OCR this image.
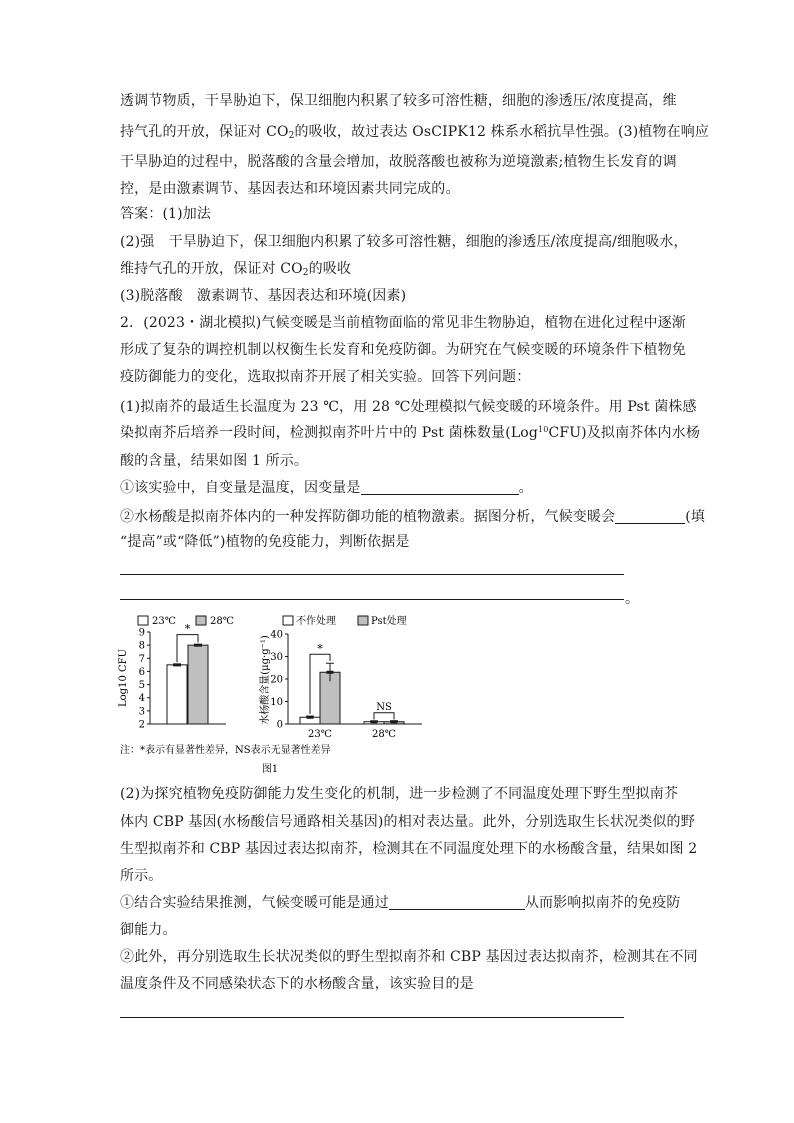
透调节物质，干旱胁迫下，保卫细胞内积累了较多可溶性糖，细胞的渗透压/浓度提高，维
持气孔的开放，保证对 $CO_2$的吸收，故过表达 OsCIPK12 株系水稻抗旱性强。(3)植物在响应
干旱胁迫的过程中，脱落酸的含量会增加，故脱落酸也被称为逆境激素;植物生长发育的调
控，是由激素调节、基因表达和环境因素共同完成的。
答案：(1)加法
(2)强　干旱胁迫下，保卫细胞内积累了较多可溶性糖，细胞的渗透压/浓度提高/细胞吸水，
维持气孔的开放，保证对 $CO_2$的吸收
(3)脱落酸　激素调节、基因表达和环境(因素)
2．(2023・湖北模拟)气候变暖是当前植物面临的常见非生物胁迫，植物在进化过程中逐渐
形成了复杂的调控机制以权衡生长发育和免疫防御。为研究在气候变暖的环境条件下植物免
疫防御能力的变化，选取拟南芥开展了相关实验。回答下列问题：
(1)拟南芥的最适生长温度为 23 ℃，用 28 ℃处理模拟气候变暖的环境条件。用 Pst 菌株感
染拟南芥后培养一段时间，检测拟南芥叶片中的 Pst 菌株数量(Log$^{10}$CFU)及拟南芥体内水杨
酸的含量，结果如图 1 所示。
①该实验中，自变量是温度，因变量是	。
②水杨酸是拟南芥体内的一种发挥防御功能的植物激素。据图分析，气候变暖会	(填
“提高”或“降低”)植物的免疫能力，判断依据是
。
23℃	28℃	不作处理	Pst处理
Log10 CFU
2
3
4
5
6
7
8
9	*
水杨酸含量(μg·g⁻¹)
0
10
20
30
40
23℃	28℃
*
NS
注：*表示有显著性差异，NS表示无显著性差异
图1
(2)为探究植物免疫防御能力发生变化的机制，进一步检测了不同温度处理下野生型拟南芥
体内 CBP 基因(水杨酸信号通路相关基因)的相对表达量。此外，分别选取生长状况类似的野
生型拟南芥和 CBP 基因过表达拟南芥，检测其在不同温度处理下的水杨酸含量，结果如图 2
所示。
①结合实验结果推测，气候变暖可能是通过	从而影响拟南芥的免疫防
御能力。
②此外，再分别选取生长状况类似的野生型拟南芥和 CBP 基因过表达拟南芥，检测其在不同
温度条件及不同感染状态下的水杨酸含量，该实验目的是
